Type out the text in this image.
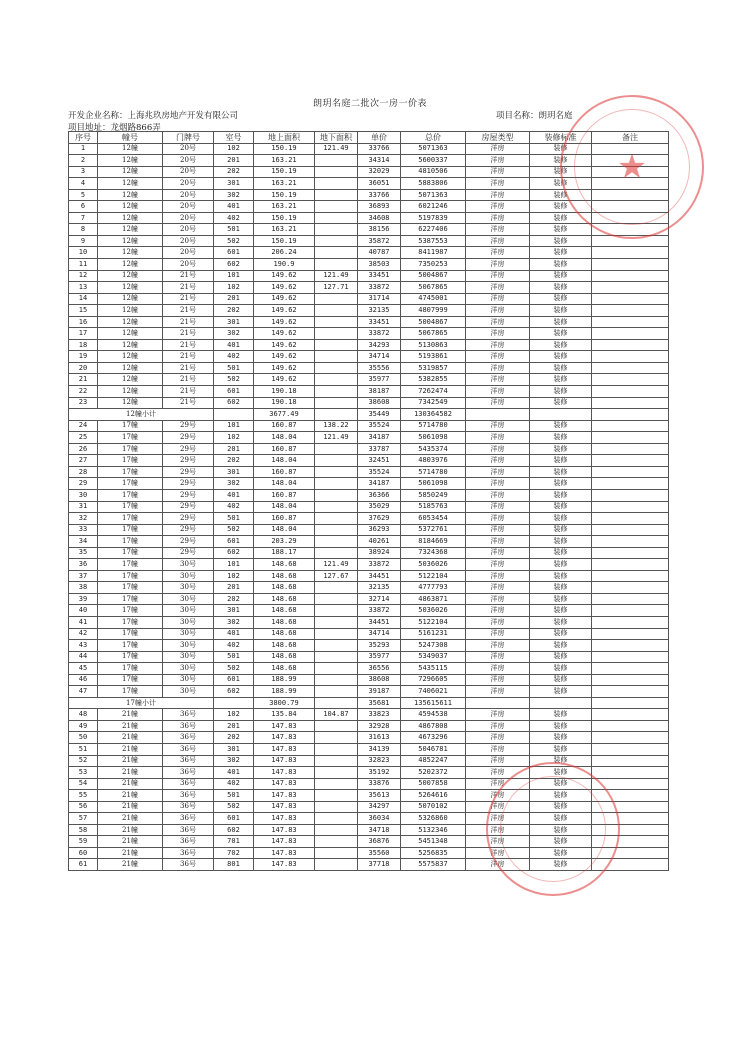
朗玥名庭二批次一房一价表
开发企业名称：上海兆玖房地产开发有限公司	项目名称：朗玥名庭
项目地址：龙烟路866弄
序号	幢号	门牌号	室号	地上面积	地下面积	单价	总价	房屋类型	装修标准	备注
1	12幢	20号	102	150.19	121.49	33766	5071363	洋房	装修	
2	12幢	20号	201	163.21		34314	5600337	洋房	装修	
3	12幢	20号	202	150.19		32029	4810506	洋房	装修	
4	12幢	20号	301	163.21		36051	5883806	洋房	装修	
5	12幢	20号	302	150.19		33766	5071363	洋房	装修	
6	12幢	20号	401	163.21		36893	6021246	洋房	装修	
7	12幢	20号	402	150.19		34608	5197839	洋房	装修	
8	12幢	20号	501	163.21		38156	6227406	洋房	装修	
9	12幢	20号	502	150.19		35872	5387553	洋房	装修	
10	12幢	20号	601	206.24		40787	8411987	洋房	装修	
11	12幢	20号	602	190.9		38503	7350253	洋房	装修	
12	12幢	21号	101	149.62	121.49	33451	5004867	洋房	装修	
13	12幢	21号	102	149.62	127.71	33872	5067865	洋房	装修	
14	12幢	21号	201	149.62		31714	4745001	洋房	装修	
15	12幢	21号	202	149.62		32135	4807999	洋房	装修	
16	12幢	21号	301	149.62		33451	5004867	洋房	装修	
17	12幢	21号	302	149.62		33872	5067865	洋房	装修	
18	12幢	21号	401	149.62		34293	5130863	洋房	装修	
19	12幢	21号	402	149.62		34714	5193861	洋房	装修	
20	12幢	21号	501	149.62		35556	5319857	洋房	装修	
21	12幢	21号	502	149.62		35977	5382855	洋房	装修	
22	12幢	21号	601	190.18		38187	7262474	洋房	装修	
23	12幢	21号	602	190.18		38608	7342549	洋房	装修	
12幢小计				3677.49		35449	130364582			
24	17幢	29号	101	160.87	138.22	35524	5714780	洋房	装修	
25	17幢	29号	102	148.04	121.49	34187	5061098	洋房	装修	
26	17幢	29号	201	160.87		33787	5435374	洋房	装修	
27	17幢	29号	202	148.04		32451	4803976	洋房	装修	
28	17幢	29号	301	160.87		35524	5714780	洋房	装修	
29	17幢	29号	302	148.04		34187	5061098	洋房	装修	
30	17幢	29号	401	160.87		36366	5850249	洋房	装修	
31	17幢	29号	402	148.04		35029	5185763	洋房	装修	
32	17幢	29号	501	160.87		37629	6053454	洋房	装修	
33	17幢	29号	502	148.04		36293	5372761	洋房	装修	
34	17幢	29号	601	203.29		40261	8184669	洋房	装修	
35	17幢	29号	602	188.17		38924	7324368	洋房	装修	
36	17幢	30号	101	148.68	121.49	33872	5036026	洋房	装修	
37	17幢	30号	102	148.68	127.67	34451	5122104	洋房	装修	
38	17幢	30号	201	148.68		32135	4777793	洋房	装修	
39	17幢	30号	202	148.68		32714	4863871	洋房	装修	
40	17幢	30号	301	148.68		33872	5036026	洋房	装修	
41	17幢	30号	302	148.68		34451	5122104	洋房	装修	
42	17幢	30号	401	148.68		34714	5161231	洋房	装修	
43	17幢	30号	402	148.68		35293	5247308	洋房	装修	
44	17幢	30号	501	148.68		35977	5349037	洋房	装修	
45	17幢	30号	502	148.68		36556	5435115	洋房	装修	
46	17幢	30号	601	188.99		38608	7296605	洋房	装修	
47	17幢	30号	602	188.99		39187	7406021	洋房	装修	
17幢小计				3800.79		35681	135615611			
48	21幢	36号	102	135.84	104.87	33823	4594538	洋房	装修	
49	21幢	36号	201	147.83		32928	4867808	洋房	装修	
50	21幢	36号	202	147.83		31613	4673296	洋房	装修	
51	21幢	36号	301	147.83		34139	5046781	洋房	装修	
52	21幢	36号	302	147.83		32823	4852247	洋房	装修	
53	21幢	36号	401	147.83		35192	5202372	洋房	装修	
54	21幢	36号	402	147.83		33876	5007858	洋房	装修	
55	21幢	36号	501	147.83		35613	5264616	洋房	装修	
56	21幢	36号	502	147.83		34297	5070102	洋房	装修	
57	21幢	36号	601	147.83		36034	5326860	洋房	装修	
58	21幢	36号	602	147.83		34718	5132346	洋房	装修	
59	21幢	36号	701	147.83		36876	5451348	洋房	装修	
60	21幢	36号	702	147.83		35560	5256835	洋房	装修	
61	21幢	36号	801	147.83		37718	5575837	洋房	装修	
★
